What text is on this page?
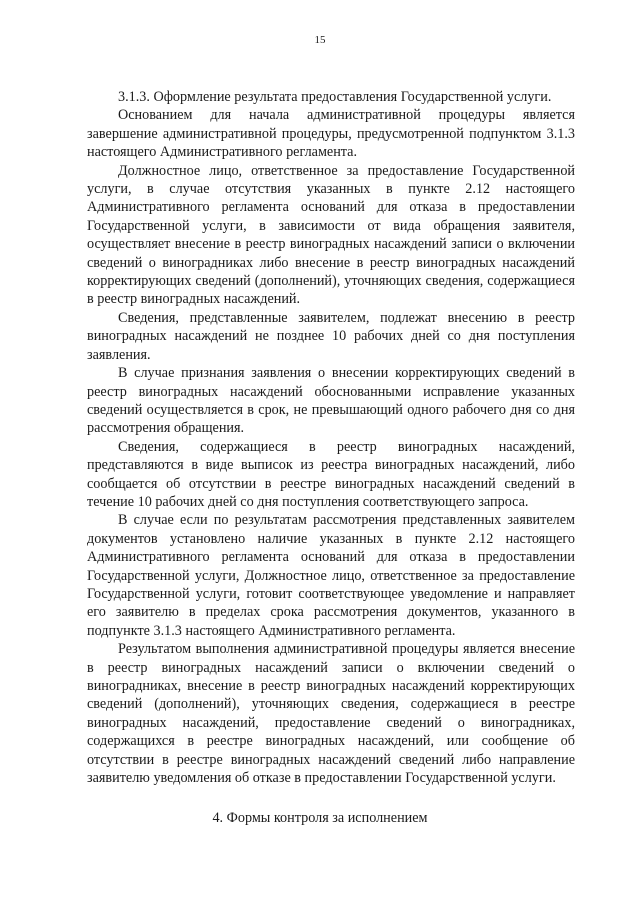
15

3.1.3. Оформление результата предоставления Государственной услуги.

Основанием для начала административной процедуры является завершение административной процедуры, предусмотренной подпунктом 3.1.3 настоящего Административного регламента.

Должностное лицо, ответственное за предоставление Государственной услуги, в случае отсутствия указанных в пункте 2.12 настоящего Административного регламента оснований для отказа в предоставлении Государственной услуги, в зависимости от вида обращения заявителя, осуществляет внесение в реестр виноградных насаждений записи о включении сведений о виноградниках либо внесение в реестр виноградных насаждений корректирующих сведений (дополнений), уточняющих сведения, содержащиеся в реестр виноградных насаждений.

Сведения, представленные заявителем, подлежат внесению в реестр виноградных насаждений не позднее 10 рабочих дней со дня поступления заявления.

В случае признания заявления о внесении корректирующих сведений в реестр виноградных насаждений обоснованными исправление указанных сведений осуществляется в срок, не превышающий одного рабочего дня со дня рассмотрения обращения.

Сведения, содержащиеся в реестр виноградных насаждений, представляются в виде выписок из реестра виноградных насаждений, либо сообщается об отсутствии в реестре виноградных насаждений сведений в течение 10 рабочих дней со дня поступления соответствующего запроса.

В случае если по результатам рассмотрения представленных заявителем документов установлено наличие указанных в пункте 2.12 настоящего Административного регламента оснований для отказа в предоставлении Государственной услуги, Должностное лицо, ответственное за предоставление Государственной услуги, готовит соответствующее уведомление и направляет его заявителю в пределах срока рассмотрения документов, указанного в подпункте 3.1.3 настоящего Административного регламента.

Результатом выполнения административной процедуры является внесение в реестр виноградных насаждений записи о включении сведений о виноградниках, внесение в реестр виноградных насаждений корректирующих сведений (дополнений), уточняющих сведения, содержащиеся в реестре виноградных насаждений, предоставление сведений о виноградниках, содержащихся в реестре виноградных насаждений, или сообщение об отсутствии в реестре виноградных насаждений сведений либо направление заявителю уведомления об отказе в предоставлении Государственной услуги.

4. Формы контроля за исполнением
